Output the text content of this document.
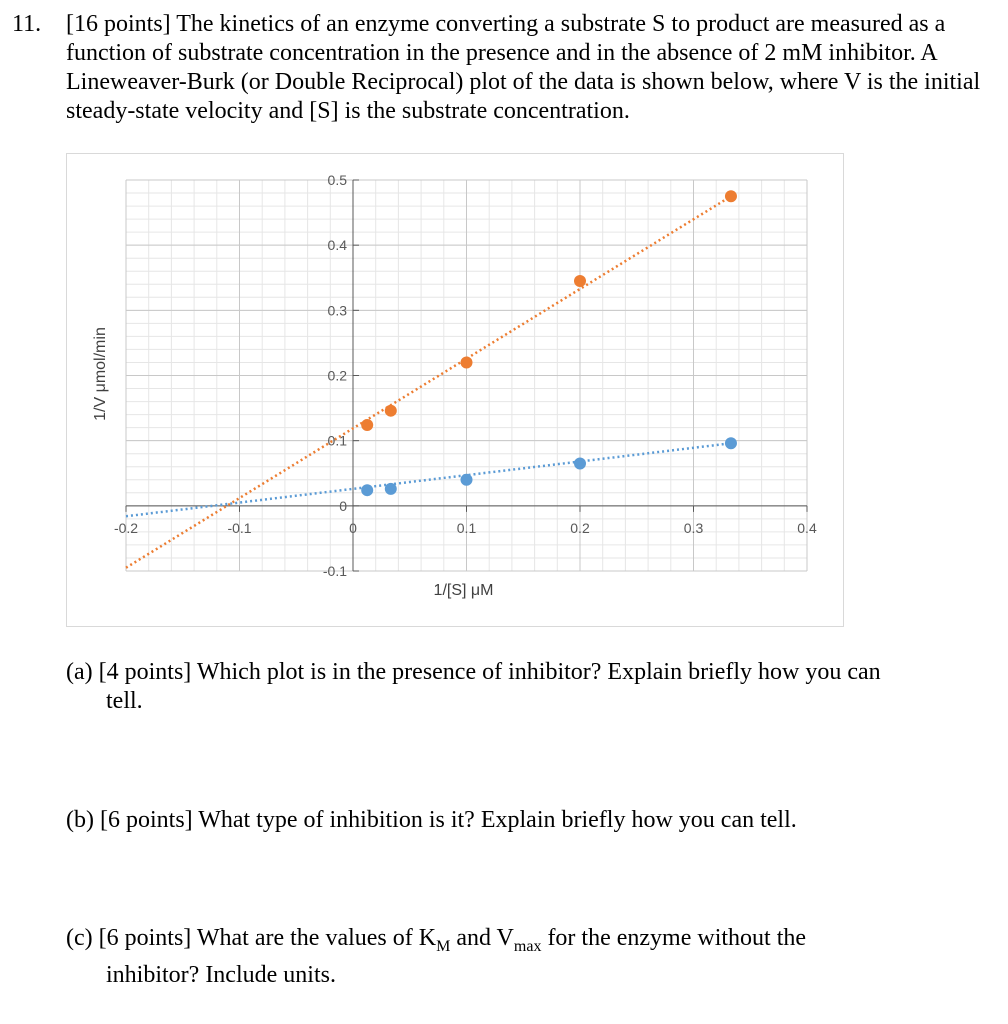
11. [16 points] The kinetics of an enzyme converting a substrate S to product are measured as a function of substrate concentration in the presence and in the absence of 2 mM inhibitor. A Lineweaver-Burk (or Double Reciprocal) plot of the data is shown below, where V is the initial steady-state velocity and [S] is the substrate concentration.
-0.2	-0.1	0	0.1	0.2	0.3	0.4
-0.1
0
0.1
0.2
0.3
0.4
0.5
1/[S] μM
1/V μmol/min
(a) [4 points] Which plot is in the presence of inhibitor? Explain briefly how you can
tell.
(b) [6 points] What type of inhibition is it? Explain briefly how you can tell.
(c) [6 points] What are the values of $K_M$ and $V_{max}$ for the enzyme without the
inhibitor? Include units.
